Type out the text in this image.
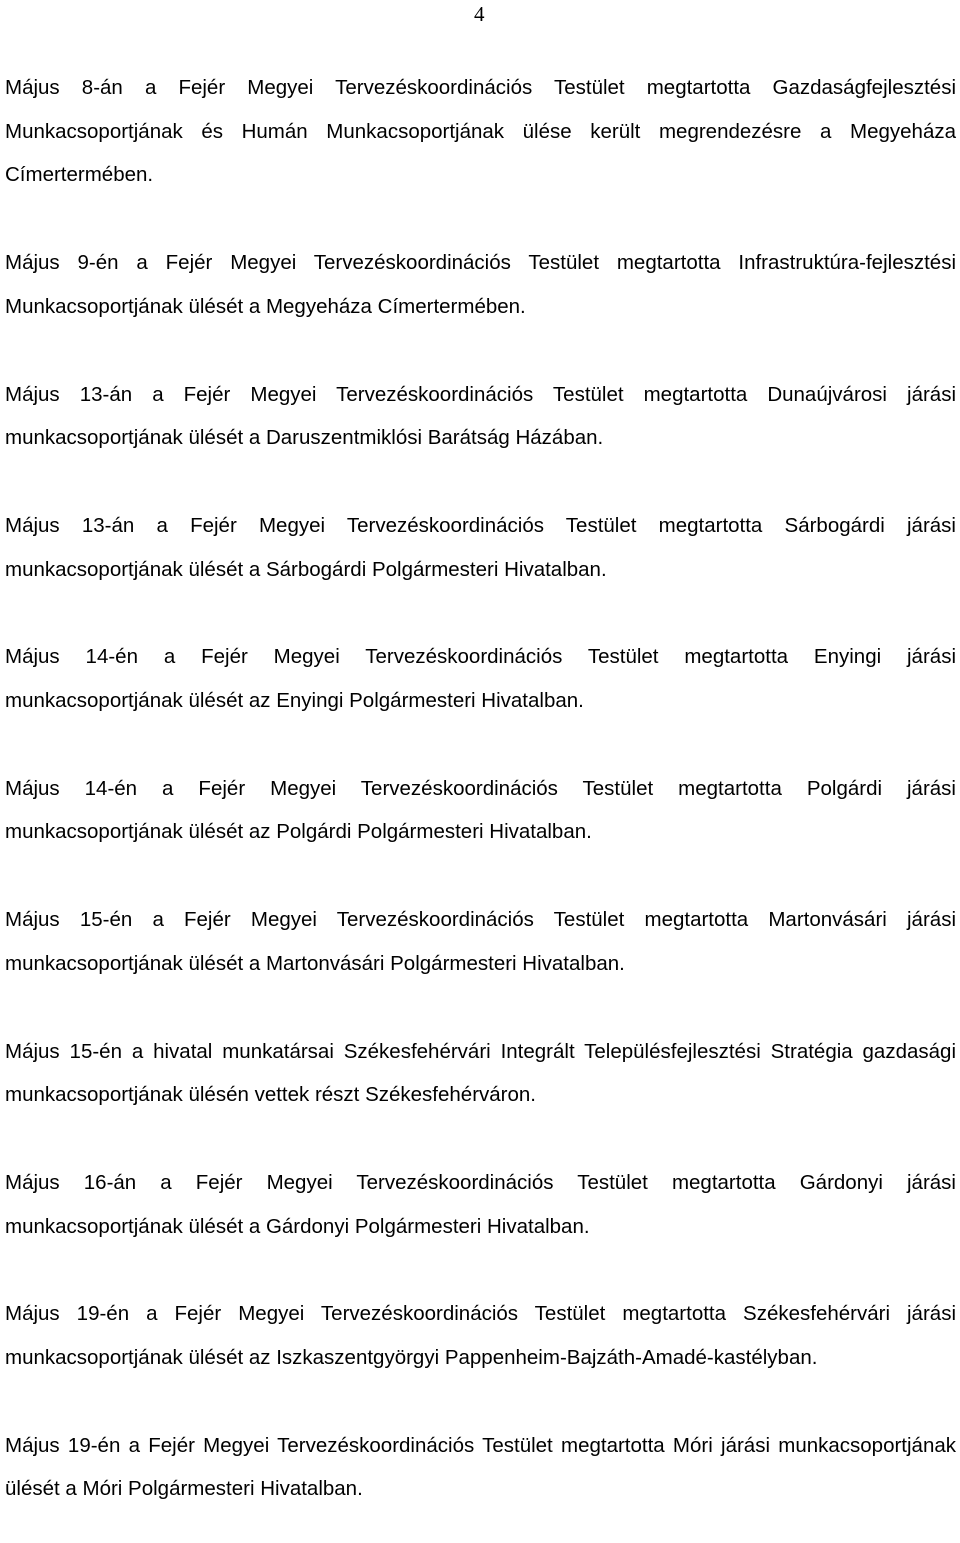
4

Május 8-án a Fejér Megyei Tervezéskoordinációs Testület megtartotta Gazdaságfejlesztési Munkacsoportjának és Humán Munkacsoportjának ülése került megrendezésre a Megyeháza Címertermében.

Május 9-én a Fejér Megyei Tervezéskoordinációs Testület megtartotta Infrastruktúra-fejlesztési Munkacsoportjának ülését a Megyeháza Címertermében.

Május 13-án a Fejér Megyei Tervezéskoordinációs Testület megtartotta Dunaújvárosi járási munkacsoportjának ülését a Daruszentmiklósi Barátság Házában.

Május 13-án a Fejér Megyei Tervezéskoordinációs Testület megtartotta Sárbogárdi járási munkacsoportjának ülését a Sárbogárdi Polgármesteri Hivatalban.

Május 14-én a Fejér Megyei Tervezéskoordinációs Testület megtartotta Enyingi járási munkacsoportjának ülését az Enyingi Polgármesteri Hivatalban.

Május 14-én a Fejér Megyei Tervezéskoordinációs Testület megtartotta Polgárdi járási munkacsoportjának ülését az Polgárdi Polgármesteri Hivatalban.

Május 15-én a Fejér Megyei Tervezéskoordinációs Testület megtartotta Martonvásári járási munkacsoportjának ülését a Martonvásári Polgármesteri Hivatalban.

Május 15-én a hivatal munkatársai Székesfehérvári Integrált Településfejlesztési Stratégia gazdasági munkacsoportjának ülésén vettek részt Székesfehérváron.

Május 16-án a Fejér Megyei Tervezéskoordinációs Testület megtartotta Gárdonyi járási munkacsoportjának ülését a Gárdonyi Polgármesteri Hivatalban.

Május 19-én a Fejér Megyei Tervezéskoordinációs Testület megtartotta Székesfehérvári járási munkacsoportjának ülését az Iszkaszentgyörgyi Pappenheim-Bajzáth-Amadé-kastélyban.

Május 19-én a Fejér Megyei Tervezéskoordinációs Testület megtartotta Móri járási munkacsoportjának ülését a Móri Polgármesteri Hivatalban.
